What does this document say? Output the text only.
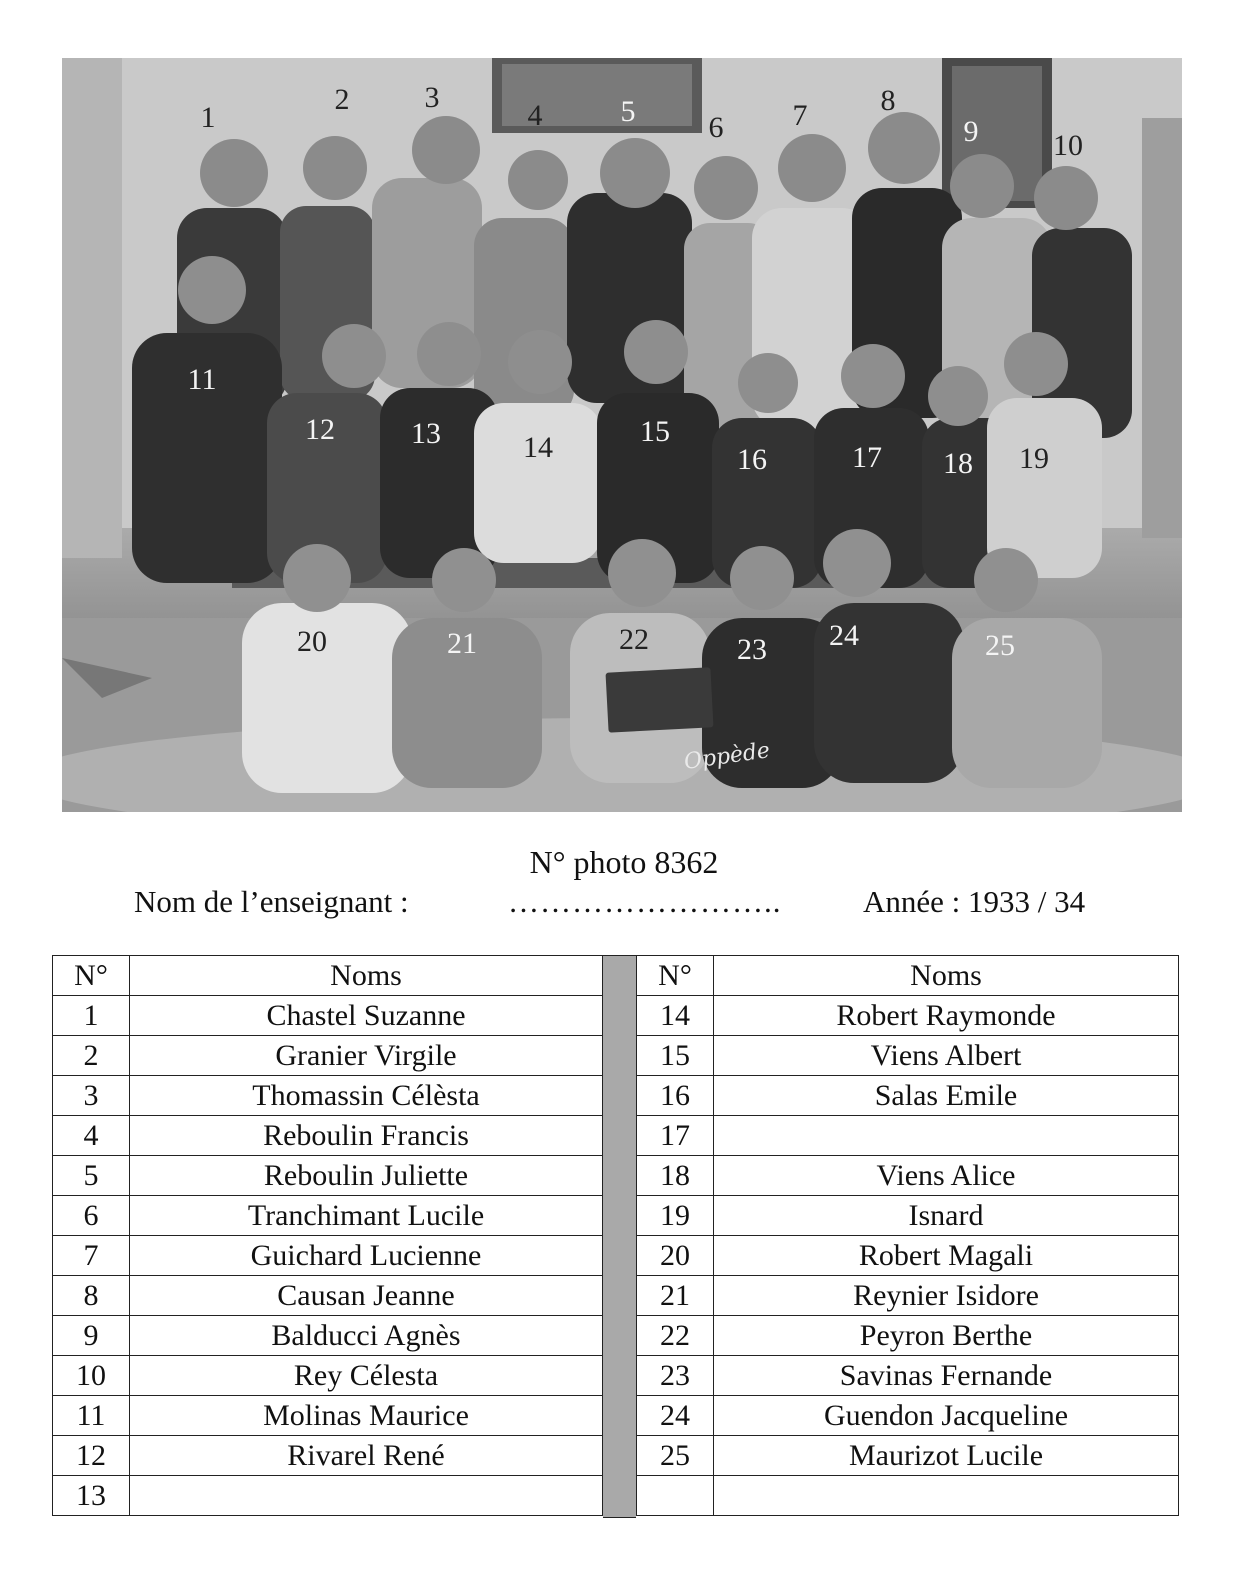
1
2	3
4	5 6 7 8
9 10
11
12	13	14	15
16	17 18 19
20	21	22	23 24	25
Oppède
N° photo 8362
Nom de l’enseignant :	……………………..	Année : 1933 / 34
N°	Noms
1	Chastel Suzanne
2	Granier Virgile
3	Thomassin Célèsta
4	Reboulin Francis
5	Reboulin Juliette
6	Tranchimant Lucile
7	Guichard Lucienne
8	Causan Jeanne
9	Balducci Agnès
10	Rey Célesta
11	Molinas Maurice
12	Rivarel René
13	
N°	Noms
14	Robert Raymonde
15	Viens Albert
16	Salas Emile
17	
18	Viens Alice
19	Isnard
20	Robert Magali
21	Reynier Isidore
22	Peyron Berthe
23	Savinas Fernande
24	Guendon Jacqueline
25	Maurizot Lucile
